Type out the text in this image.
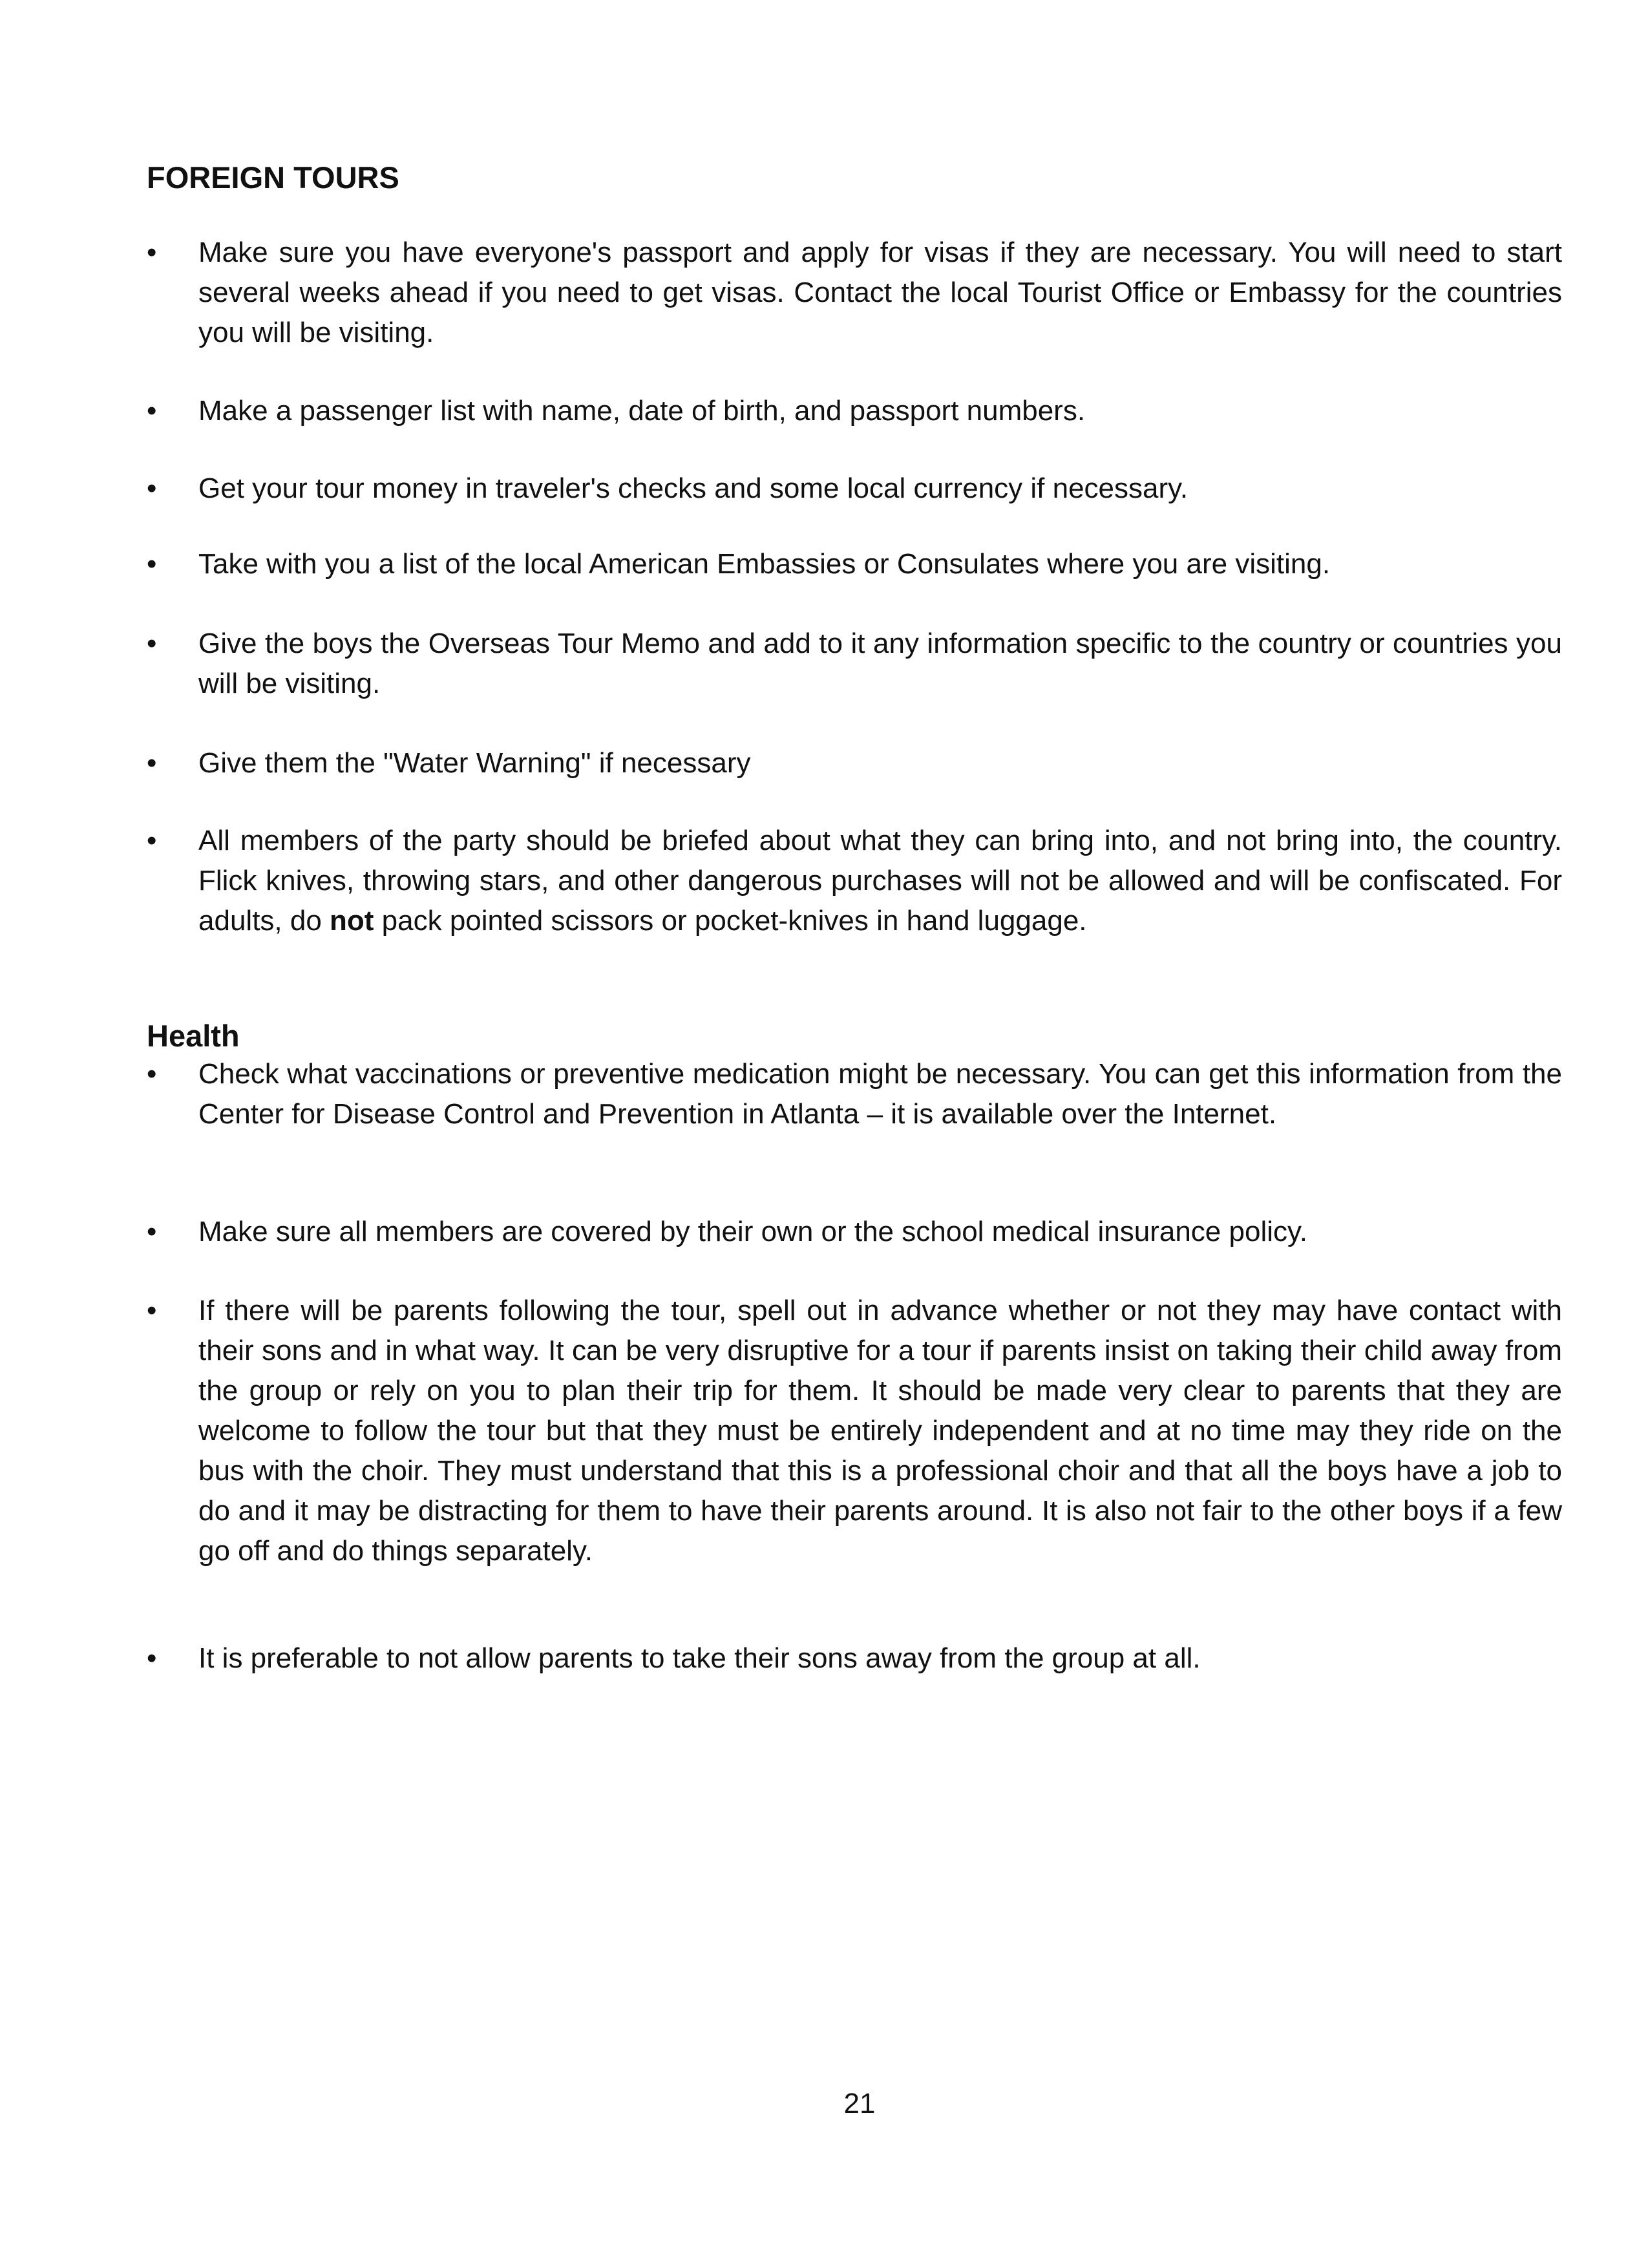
FOREIGN TOURS
•	Make sure you have everyone's passport and apply for visas if they are necessary. You will need to start several weeks ahead if you need to get visas. Contact the local Tourist Office or Embassy for the countries you will be visiting.

•	Make a passenger list with name, date of birth, and passport numbers.

•	Get your tour money in traveler's checks and some local currency if necessary.

•	Take with you a list of the local American Embassies or Consulates where you are visiting.

•	Give the boys the Overseas Tour Memo and add to it any information specific to the country or countries you will be visiting.

•	Give them the "Water Warning" if necessary

•	All members of the party should be briefed about what they can bring into, and not bring into, the country. Flick knives, throwing stars, and other dangerous purchases will not be allowed and will be confiscated. For adults, do not pack pointed scissors or pocket-knives in hand luggage.

Health
•	Check what vaccinations or preventive medication might be necessary. You can get this information from the Center for Disease Control and Prevention in Atlanta – it is available over the Internet.

•	Make sure all members are covered by their own or the school medical insurance policy.

•	If there will be parents following the tour, spell out in advance whether or not they may have contact with their sons and in what way. It can be very disruptive for a tour if parents insist on taking their child away from the group or rely on you to plan their trip for them. It should be made very clear to parents that they are welcome to follow the tour but that they must be entirely independent and at no time may they ride on the bus with the choir. They must understand that this is a professional choir and that all the boys have a job to do and it may be distracting for them to have their parents around. It is also not fair to the other boys if a few go off and do things separately.

•	It is preferable to not allow parents to take their sons away from the group at all.

21
